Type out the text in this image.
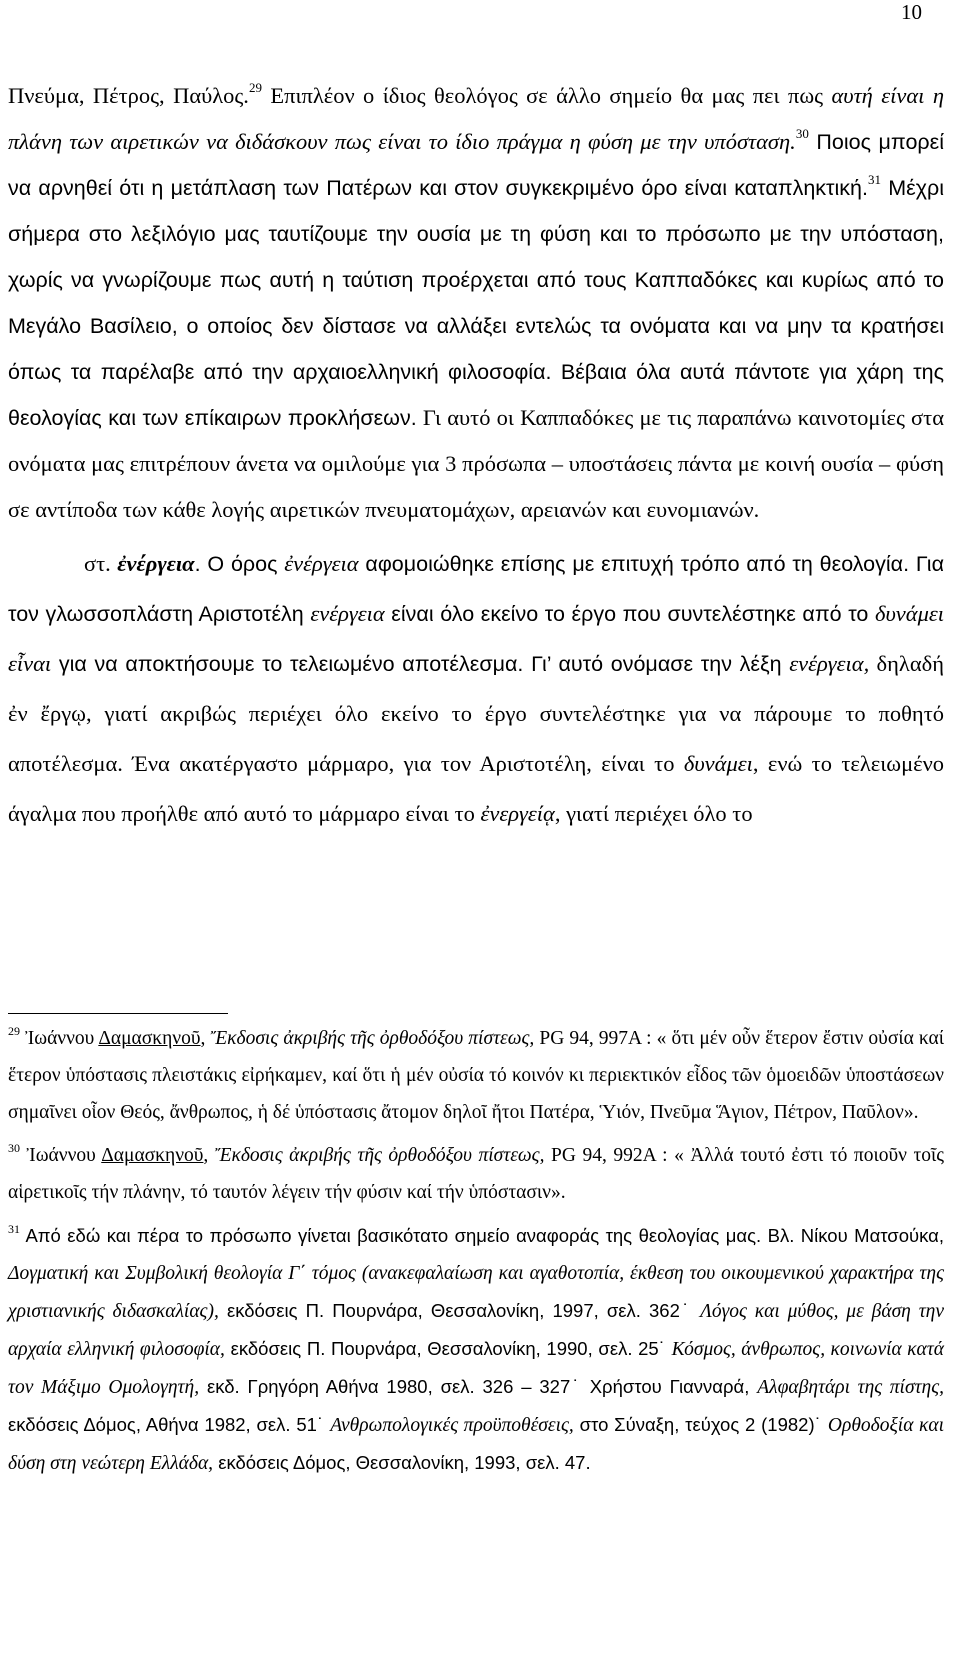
10

Πνεύμα, Πέτρος, Παύλος.$^{29}$ Επιπλέον ο ίδιος θεολόγος σε άλλο σημείο θα μας πει πως αυτή είναι η πλάνη των αιρετικών να διδάσκουν πως είναι το ίδιο πράγμα η φύση με την υπόσταση.$^{30}$ Ποιος μπορεί να αρνηθεί ότι η μετάπλαση των Πατέρων και στον συγκεκριμένο όρο είναι καταπληκτική.$^{31}$ Μέχρι σήμερα στο λεξιλόγιο μας ταυτίζουμε την ουσία με τη φύση και το πρόσωπο με την υπόσταση, χωρίς να γνωρίζουμε πως αυτή η ταύτιση προέρχεται από τους Καππαδόκες και κυρίως από το Μεγάλο Βασίλειο, ο οποίος δεν δίστασε να αλλάξει εντελώς τα ονόματα και να μην τα κρατήσει όπως τα παρέλαβε από την αρχαιοελληνική φιλοσοφία. Βέβαια όλα αυτά πάντοτε για χάρη της θεολογίας και των επίκαιρων προκλήσεων. Γι αυτό οι Καππαδόκες με τις παραπάνω καινοτομίες στα ονόματα μας επιτρέπουν άνετα να ομιλούμε για 3 πρόσωπα – υποστάσεις πάντα με κοινή ουσία – φύση σε αντίποδα των κάθε λογής αιρετικών πνευματομάχων, αρειανών και ευνομιανών.

στ. ἐνέργεια. Ο όρος ἐνέργεια αφομοιώθηκε επίσης με επιτυχή τρόπο από τη θεολογία. Για τον γλωσσοπλάστη Αριστοτέλη ενέργεια είναι όλο εκείνο το έργο που συντελέστηκε από το δυνάμει εἶναι για να αποκτήσουμε το τελειωμένο αποτέλεσμα. Γι’ αυτό ονόμασε την λέξη ενέργεια, δηλαδή ἐν ἔργῳ, γιατί ακριβώς περιέχει όλο εκείνο το έργο συντελέστηκε για να πάρουμε το ποθητό αποτέλεσμα. Ένα ακατέργαστο μάρμαρο, για τον Αριστοτέλη, είναι το δυνάμει, ενώ το τελειωμένο άγαλμα που προήλθε από αυτό το μάρμαρο είναι το ἐνεργείᾳ, γιατί περιέχει όλο το

$^{29}$ Ἰωάννου Δαμασκηνοῦ, Ἔκδοσις ἀκριβής τῆς ὀρθοδόξου πίστεως, PG 94, 997A : « ὅτι μέν οὖν ἕτερον ἔστιν οὐσία καί ἕτερον ὑπόστασις πλειστάκις εἰρήκαμεν, καί ὅτι ἡ μέν οὐσία τό κοινόν κι περιεκτικόν εἶδος τῶν ὁμοειδῶν ὑποστάσεων σημαῖνει οἷον Θεός, ἄνθρωπος, ἡ δέ ὑπόστασις ἄτομον δηλοῖ ἤτοι Πατέρα, Ὑιόν, Πνεῦμα Ἅγιον, Πέτρον, Παῦλον».

$^{30}$ Ἰωάννου Δαμασκηνοῦ, Ἔκδοσις ἀκριβής τῆς ὀρθοδόξου πίστεως, PG 94, 992A : « Ἀλλά τουτό ἐστι τό ποιοῦν τοῖς αἱρετικοῖς τήν πλάνην, τό ταυτόν λέγειν τήν φύσιν καί τήν ὑπόστασιν».

$^{31}$ Από εδώ και πέρα το πρόσωπο γίνεται βασικότατο σημείο αναφοράς της θεολογίας μας. Βλ. Νίκου Ματσούκα, Δογματική και Συμβολική θεολογία Γ΄ τόμος (ανακεφαλαίωση και αγαθοτοπία, έκθεση του οικουμενικού χαρακτήρα της χριστιανικής διδασκαλίας), εκδόσεις Π. Πουρνάρα, Θεσσαλονίκη, 1997, σελ. 362˙ Λόγος και μύθος, με βάση την αρχαία ελληνική φιλοσοφία, εκδόσεις Π. Πουρνάρα, Θεσσαλονίκη, 1990, σελ. 25˙ Κόσμος, άνθρωπος, κοινωνία κατά τον Μάξιμο Ομολογητή, εκδ. Γρηγόρη Αθήνα 1980, σελ. 326 – 327˙ Χρήστου Γιανναρά, Αλφαβητάρι της πίστης, εκδόσεις Δόμος, Αθήνα 1982, σελ. 51˙ Ανθρωπολογικές προϋποθέσεις, στο Σύναξη, τεύχος 2 (1982)˙ Ορθοδοξία και δύση στη νεώτερη Ελλάδα, εκδόσεις Δόμος, Θεσσαλονίκη, 1993, σελ. 47.
